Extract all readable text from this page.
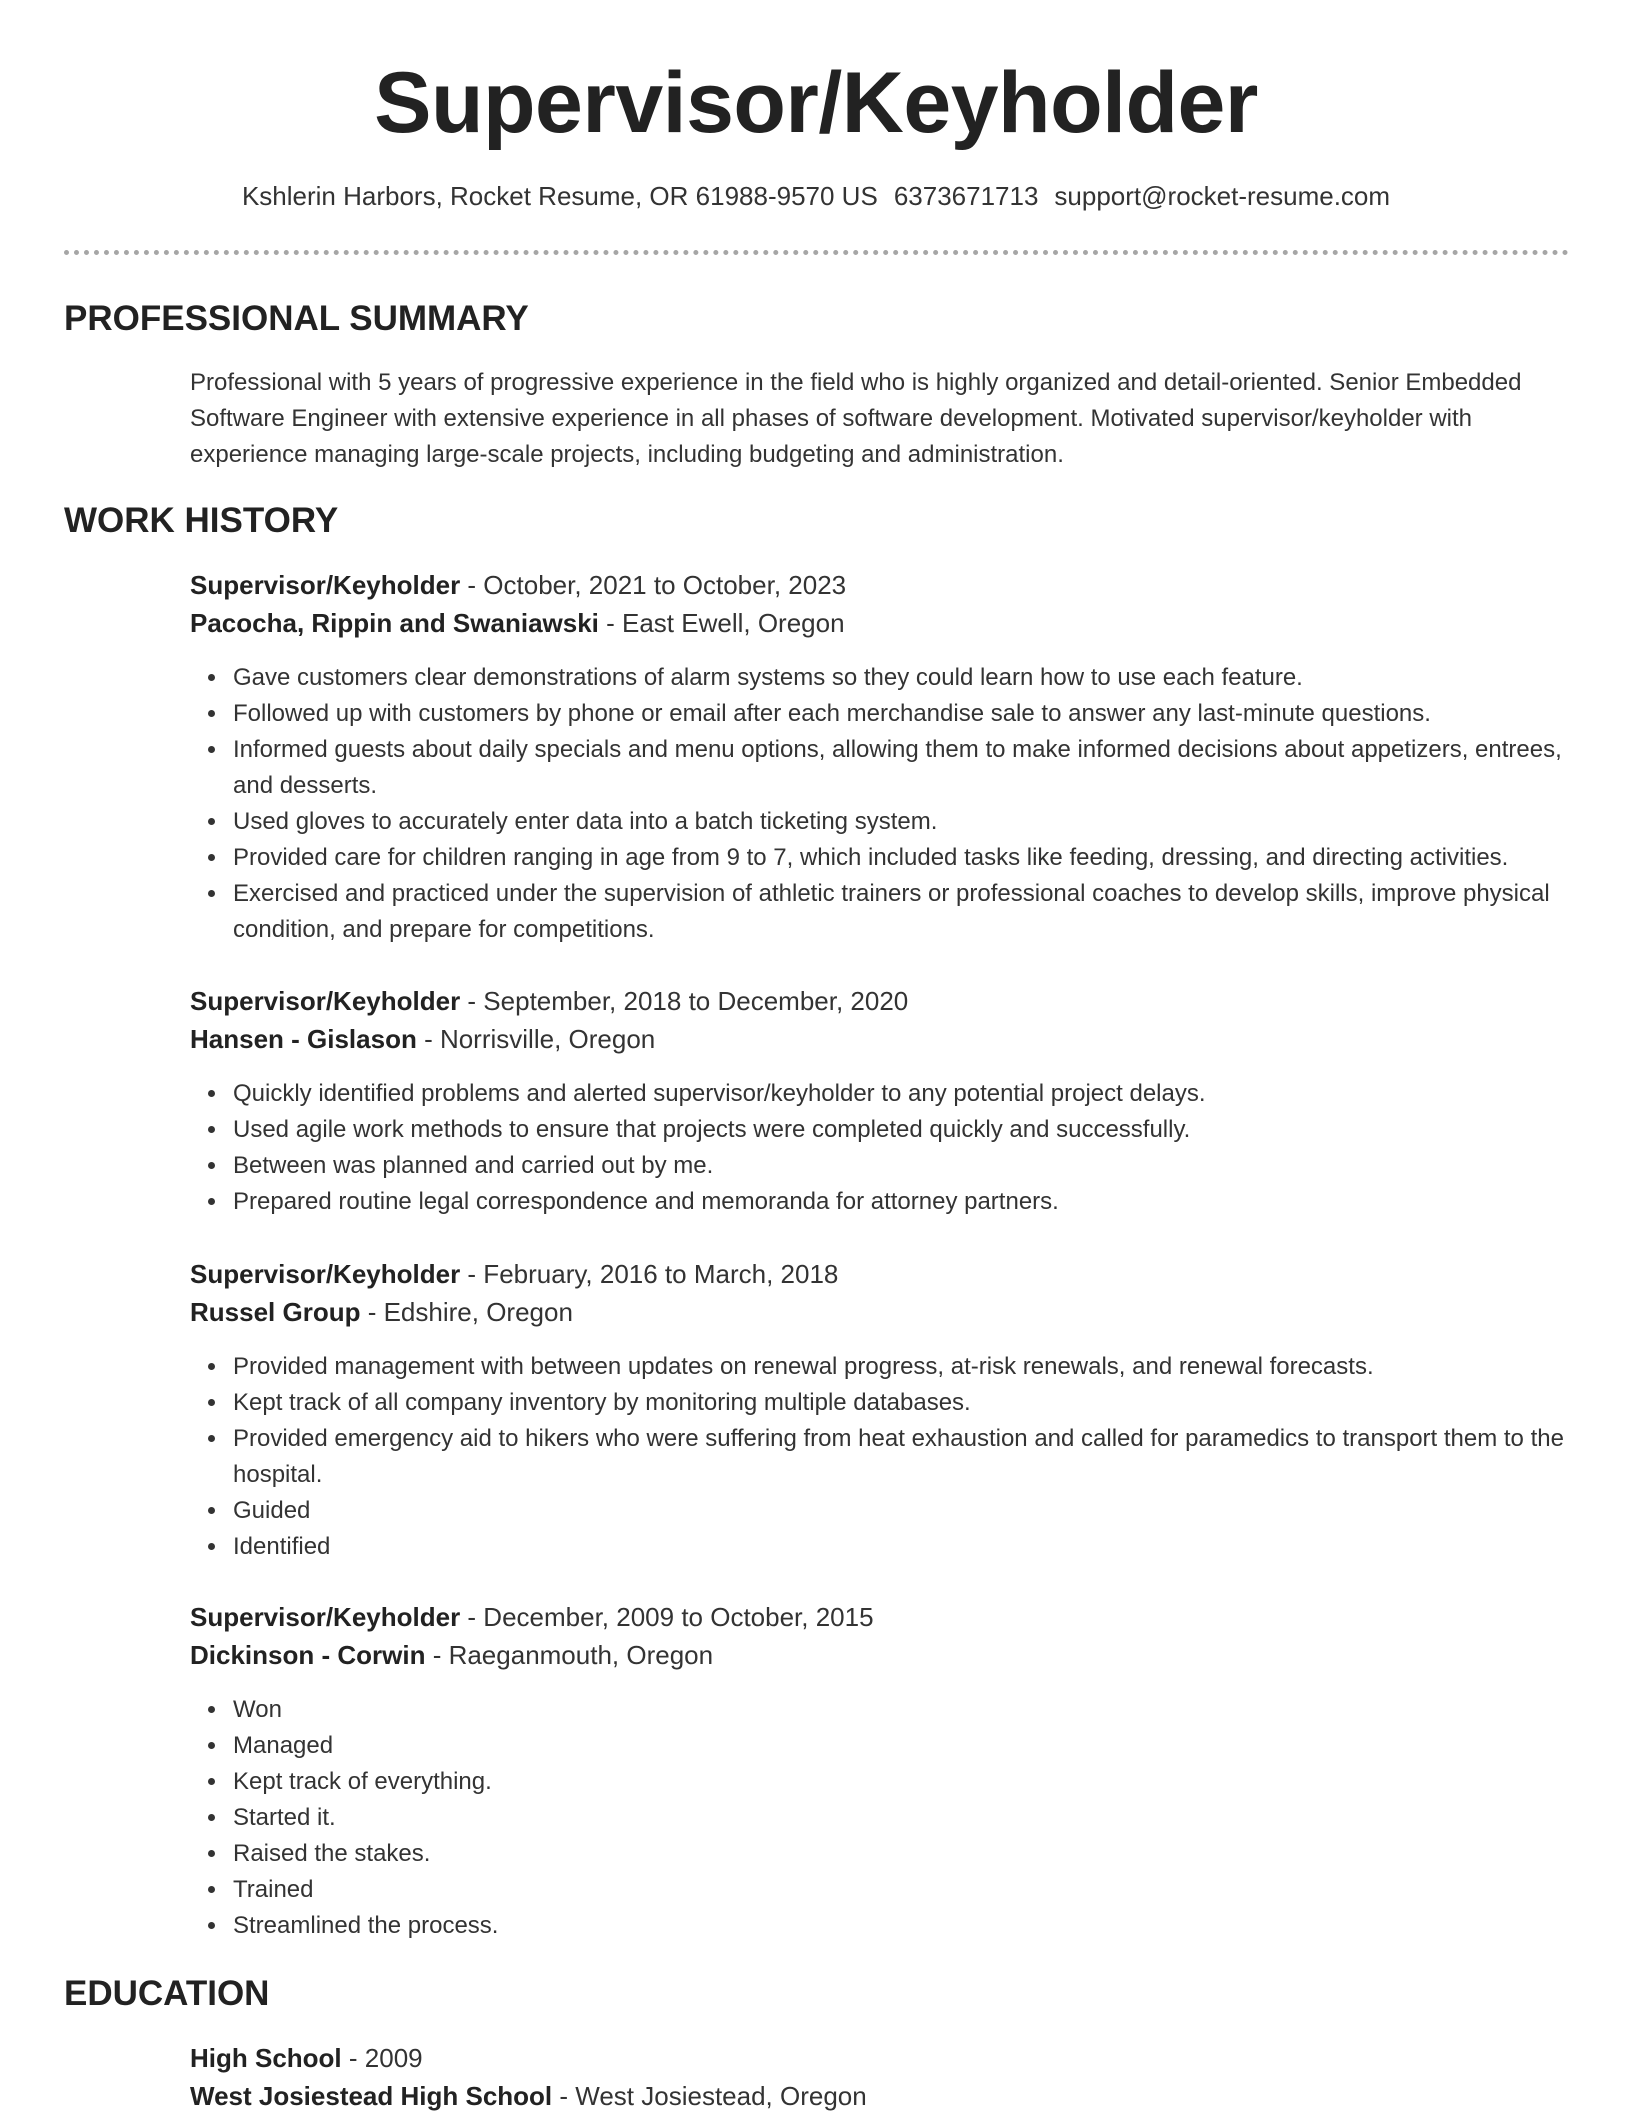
Supervisor/Keyholder
Kshlerin Harbors, Rocket Resume, OR 61988-9570 US 6373671713 support@rocket-resume.com
PROFESSIONAL SUMMARY
Professional with 5 years of progressive experience in the field who is highly organized and detail-oriented. Senior Embedded Software Engineer with extensive experience in all phases of software development. Motivated supervisor/keyholder with experience managing large-scale projects, including budgeting and administration.
WORK HISTORY
Supervisor/Keyholder - October, 2021 to October, 2023
Pacocha, Rippin and Swaniawski - East Ewell, Oregon
Gave customers clear demonstrations of alarm systems so they could learn how to use each feature.
Followed up with customers by phone or email after each merchandise sale to answer any last-minute questions.
Informed guests about daily specials and menu options, allowing them to make informed decisions about appetizers, entrees, and desserts.
Used gloves to accurately enter data into a batch ticketing system.
Provided care for children ranging in age from 9 to 7, which included tasks like feeding, dressing, and directing activities.
Exercised and practiced under the supervision of athletic trainers or professional coaches to develop skills, improve physical condition, and prepare for competitions.
Supervisor/Keyholder - September, 2018 to December, 2020
Hansen - Gislason - Norrisville, Oregon
Quickly identified problems and alerted supervisor/keyholder to any potential project delays.
Used agile work methods to ensure that projects were completed quickly and successfully.
Between was planned and carried out by me.
Prepared routine legal correspondence and memoranda for attorney partners.
Supervisor/Keyholder - February, 2016 to March, 2018
Russel Group - Edshire, Oregon
Provided management with between updates on renewal progress, at-risk renewals, and renewal forecasts.
Kept track of all company inventory by monitoring multiple databases.
Provided emergency aid to hikers who were suffering from heat exhaustion and called for paramedics to transport them to the hospital.
Guided
Identified
Supervisor/Keyholder - December, 2009 to October, 2015
Dickinson - Corwin - Raeganmouth, Oregon
Won
Managed
Kept track of everything.
Started it.
Raised the stakes.
Trained
Streamlined the process.
EDUCATION
High School - 2009
West Josiestead High School - West Josiestead, Oregon
